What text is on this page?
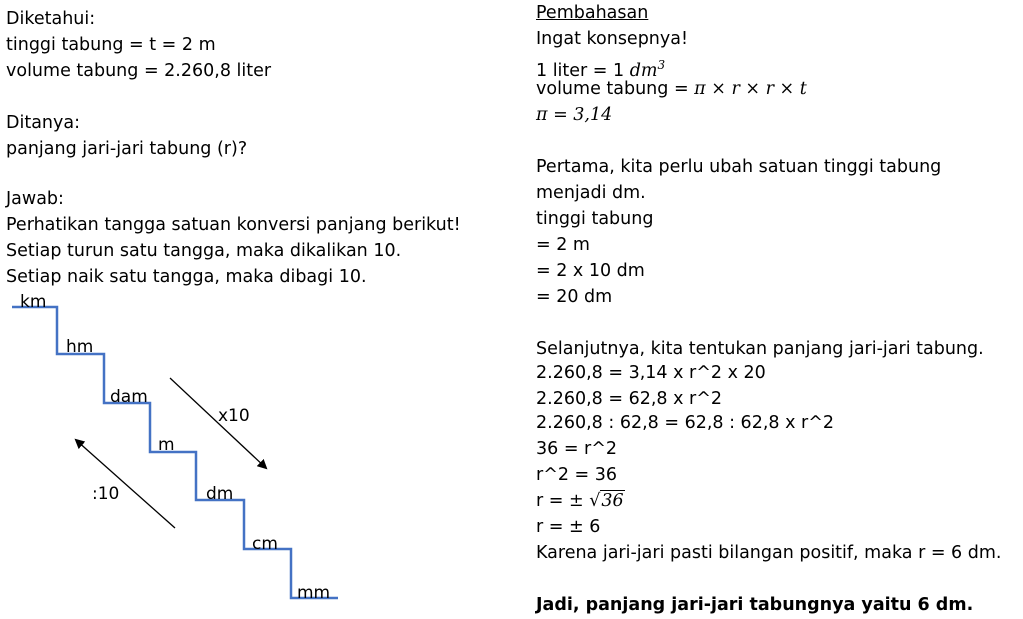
Diketahui:
tinggi tabung = t = 2 m
volume tabung = 2.260,8 liter
Ditanya:
panjang jari-jari tabung (r)?
Jawab:
Perhatikan tangga satuan konversi panjang berikut!
Setiap turun satu tangga, maka dikalikan 10.
Setiap naik satu tangga, maka dibagi 10.
km
hm
dam
m
dm
cm
mm
x10
:10
Pembahasan
Ingat konsepnya!
1 liter = 1 $dm^3$
volume tabung = π × r × r × t
π = 3,14
Pertama, kita perlu ubah satuan tinggi tabung
menjadi dm.
tinggi tabung
= 2 m
= 2 x 10 dm
= 20 dm
Selanjutnya, kita tentukan panjang jari-jari tabung.
2.260,8 = 3,14 x r^2 x 20
2.260,8 = 62,8 x r^2
2.260,8 : 62,8 = 62,8 : 62,8 x r^2
36 = r^2
r^2 = 36
r = ± √36
r = ± 6
Karena jari-jari pasti bilangan positif, maka r = 6 dm.
Jadi, panjang jari-jari tabungnya yaitu 6 dm.
